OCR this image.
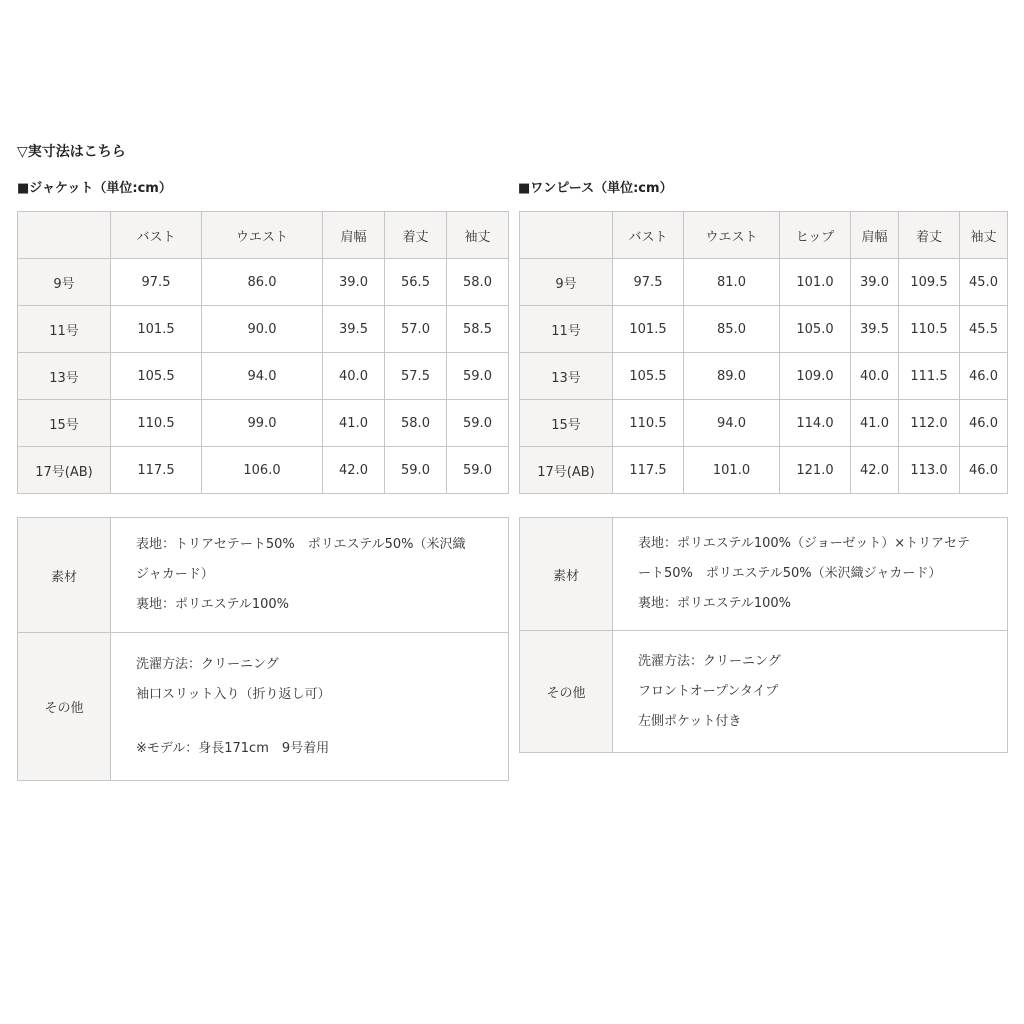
▽実寸法はこちら
■ジャケット（単位:cm）	■ワンピース（単位:cm）
	バスト	ウエスト	肩幅	着丈	袖丈
9号	97.5	86.0	39.0	56.5	58.0
11号	101.5	90.0	39.5	57.0	58.5
13号	105.5	94.0	40.0	57.5	59.0
15号	110.5	99.0	41.0	58.0	59.0
17号(AB)	117.5	106.0	42.0	59.0	59.0
	バスト	ウエスト	ヒップ	肩幅	着丈	袖丈
9号	97.5	81.0	101.0	39.0	109.5	45.0
11号	101.5	85.0	105.0	39.5	110.5	45.5
13号	105.5	89.0	109.0	40.0	111.5	46.0
15号	110.5	94.0	114.0	41.0	112.0	46.0
17号(AB)	117.5	101.0	121.0	42.0	113.0	46.0
素材	表地：トリアセテート50%　ポリエステル50%（米沢織
ジャカード）
裏地：ポリエステル100%

その他	洗濯方法：クリーニング
袖口スリット入り（折り返し可）
※モデル：身長171cm　9号着用
素材	表地：ポリエステル100%（ジョーゼット）×トリアセテ
ート50%　ポリエステル50%（米沢織ジャカード）
裏地：ポリエステル100%

その他	洗濯方法：クリーニング
フロントオープンタイプ
左側ポケット付き
